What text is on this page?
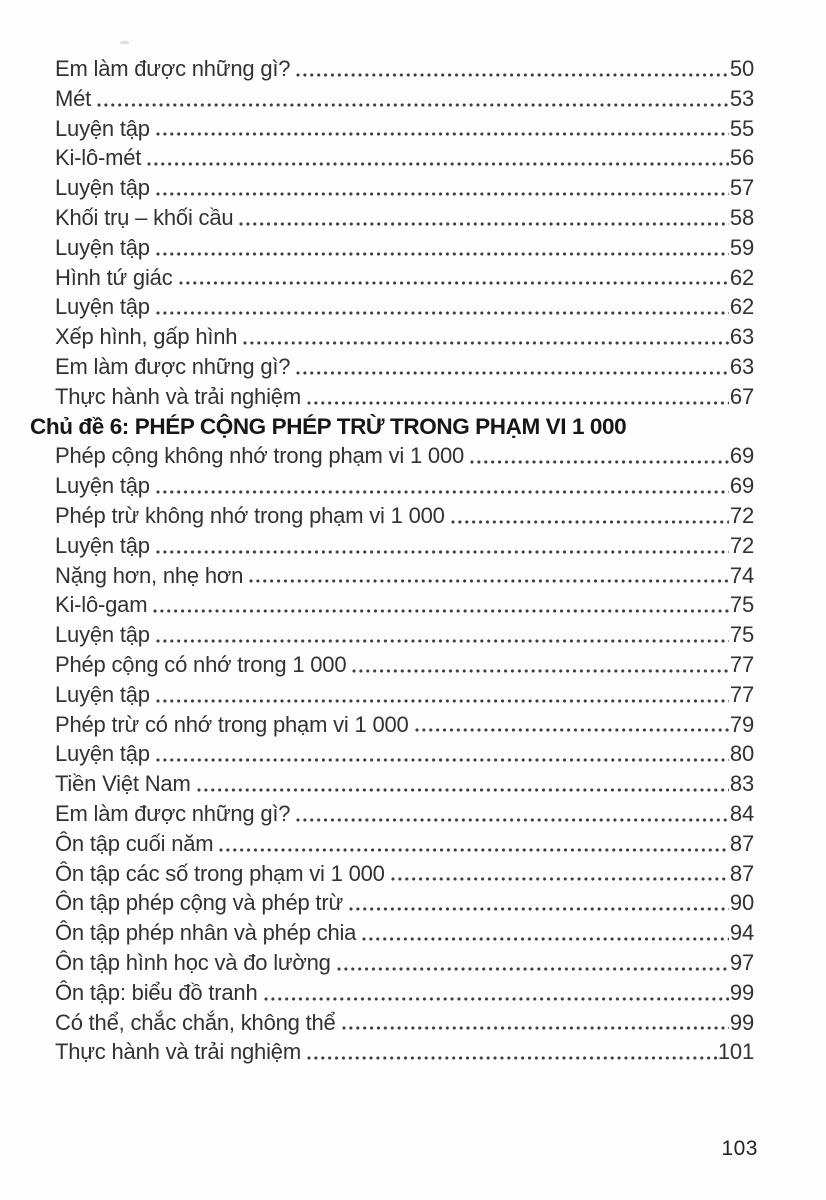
Em làm được những gì?	50
Mét	53
Luyện tập	55
Ki-lô-mét	56
Luyện tập	57
Khối trụ – khối cầu	58
Luyện tập	59
Hình tứ giác	62
Luyện tập	62
Xếp hình, gấp hình	63
Em làm được những gì?	63
Thực hành và trải nghiệm	67
Chủ đề 6: PHÉP CỘNG PHÉP TRỪ TRONG PHẠM VI 1 000
Phép cộng không nhớ trong phạm vi 1 000	69
Luyện tập	69
Phép trừ không nhớ trong phạm vi 1 000	72
Luyện tập	72
Nặng hơn, nhẹ hơn	74
Ki-lô-gam	75
Luyện tập	75
Phép cộng có nhớ trong 1 000	77
Luyện tập	77
Phép trừ có nhớ trong phạm vi 1 000	79
Luyện tập	80
Tiền Việt Nam	83
Em làm được những gì?	84
Ôn tập cuối năm	87
Ôn tập các số trong phạm vi 1 000	87
Ôn tập phép cộng và phép trừ	90
Ôn tập phép nhân và phép chia	94
Ôn tập hình học và đo lường	97
Ôn tập: biểu đồ tranh	99
Có thể, chắc chắn, không thể	99
Thực hành và trải nghiệm	101
103
